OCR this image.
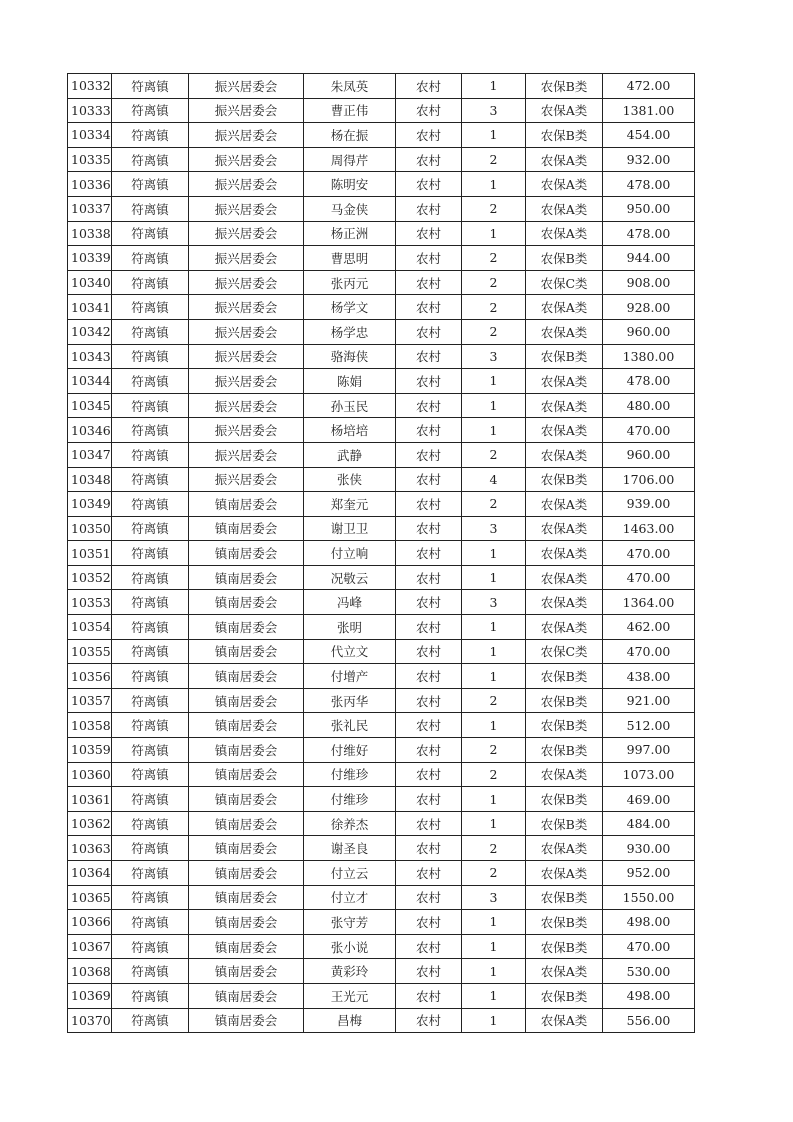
10332	符离镇	振兴居委会	朱凤英	农村	1	农保B类	472.00
10333	符离镇	振兴居委会	曹正伟	农村	3	农保A类	1381.00
10334	符离镇	振兴居委会	杨在振	农村	1	农保B类	454.00
10335	符离镇	振兴居委会	周得芹	农村	2	农保A类	932.00
10336	符离镇	振兴居委会	陈明安	农村	1	农保A类	478.00
10337	符离镇	振兴居委会	马金侠	农村	2	农保A类	950.00
10338	符离镇	振兴居委会	杨正洲	农村	1	农保A类	478.00
10339	符离镇	振兴居委会	曹思明	农村	2	农保B类	944.00
10340	符离镇	振兴居委会	张丙元	农村	2	农保C类	908.00
10341	符离镇	振兴居委会	杨学文	农村	2	农保A类	928.00
10342	符离镇	振兴居委会	杨学忠	农村	2	农保A类	960.00
10343	符离镇	振兴居委会	骆海侠	农村	3	农保B类	1380.00
10344	符离镇	振兴居委会	陈娟	农村	1	农保A类	478.00
10345	符离镇	振兴居委会	孙玉民	农村	1	农保A类	480.00
10346	符离镇	振兴居委会	杨培培	农村	1	农保A类	470.00
10347	符离镇	振兴居委会	武静	农村	2	农保A类	960.00
10348	符离镇	振兴居委会	张侠	农村	4	农保B类	1706.00
10349	符离镇	镇南居委会	郑奎元	农村	2	农保A类	939.00
10350	符离镇	镇南居委会	谢卫卫	农村	3	农保A类	1463.00
10351	符离镇	镇南居委会	付立响	农村	1	农保A类	470.00
10352	符离镇	镇南居委会	况敬云	农村	1	农保A类	470.00
10353	符离镇	镇南居委会	冯峰	农村	3	农保A类	1364.00
10354	符离镇	镇南居委会	张明	农村	1	农保A类	462.00
10355	符离镇	镇南居委会	代立文	农村	1	农保C类	470.00
10356	符离镇	镇南居委会	付增产	农村	1	农保B类	438.00
10357	符离镇	镇南居委会	张丙华	农村	2	农保B类	921.00
10358	符离镇	镇南居委会	张礼民	农村	1	农保B类	512.00
10359	符离镇	镇南居委会	付维好	农村	2	农保B类	997.00
10360	符离镇	镇南居委会	付维珍	农村	2	农保A类	1073.00
10361	符离镇	镇南居委会	付维珍	农村	1	农保B类	469.00
10362	符离镇	镇南居委会	徐养杰	农村	1	农保B类	484.00
10363	符离镇	镇南居委会	谢圣良	农村	2	农保A类	930.00
10364	符离镇	镇南居委会	付立云	农村	2	农保A类	952.00
10365	符离镇	镇南居委会	付立才	农村	3	农保B类	1550.00
10366	符离镇	镇南居委会	张守芳	农村	1	农保B类	498.00
10367	符离镇	镇南居委会	张小说	农村	1	农保B类	470.00
10368	符离镇	镇南居委会	黄彩玲	农村	1	农保A类	530.00
10369	符离镇	镇南居委会	王光元	农村	1	农保B类	498.00
10370	符离镇	镇南居委会	昌梅	农村	1	农保A类	556.00
